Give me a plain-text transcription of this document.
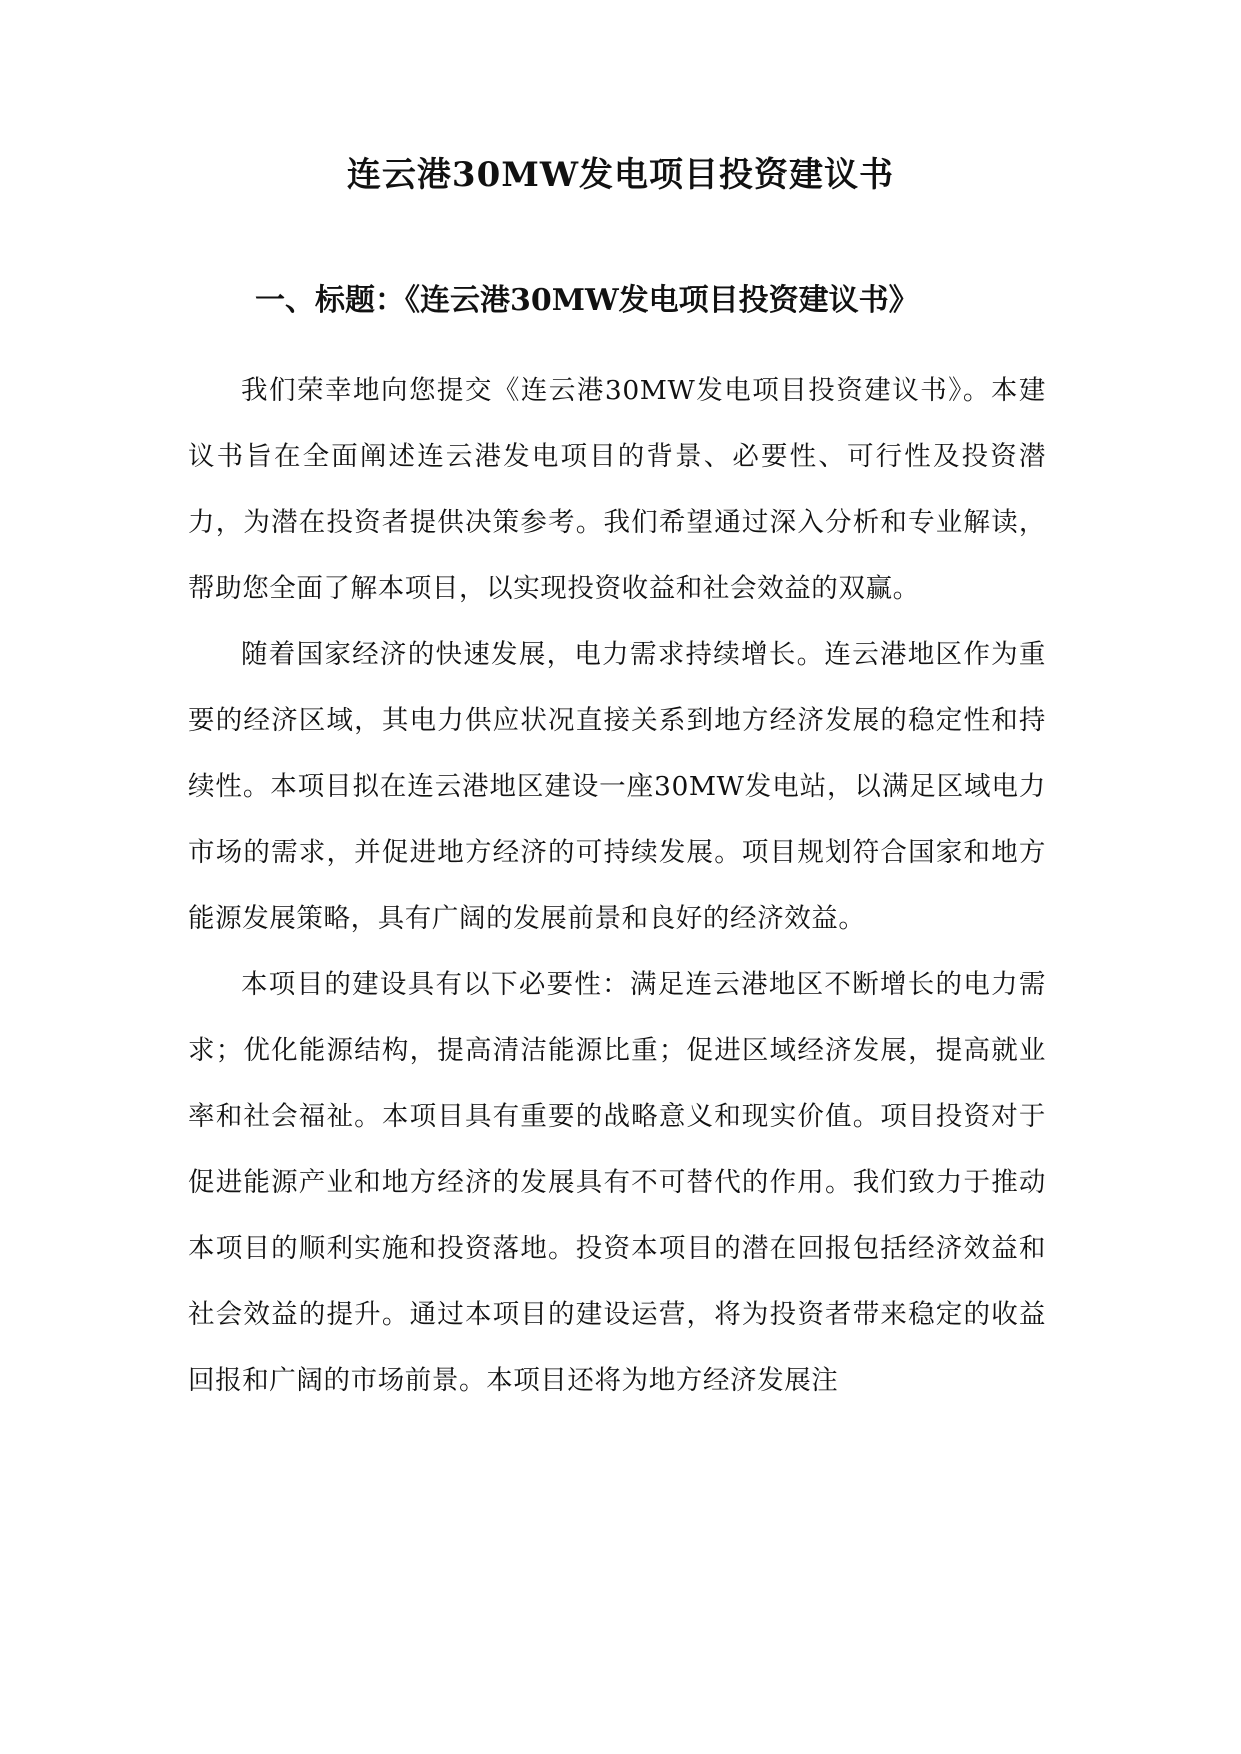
连云港30MW发电项目投资建议书
一、标题：《连云港30MW发电项目投资建议书》

我们荣幸地向您提交《连云港30MW发电项目投资建议书》。本建议书旨在全面阐述连云港发电项目的背景、必要性、可行性及投资潜力，为潜在投资者提供决策参考。我们希望通过深入分析和专业解读，帮助您全面了解本项目，以实现投资收益和社会效益的双赢。

随着国家经济的快速发展，电力需求持续增长。连云港地区作为重要的经济区域，其电力供应状况直接关系到地方经济发展的稳定性和持续性。本项目拟在连云港地区建设一座30MW发电站，以满足区域电力市场的需求，并促进地方经济的可持续发展。项目规划符合国家和地方能源发展策略，具有广阔的发展前景和良好的经济效益。

本项目的建设具有以下必要性：满足连云港地区不断增长的电力需求；优化能源结构，提高清洁能源比重；促进区域经济发展，提高就业率和社会福祉。本项目具有重要的战略意义和现实价值。项目投资对于促进能源产业和地方经济的发展具有不可替代的作用。我们致力于推动本项目的顺利实施和投资落地。投资本项目的潜在回报包括经济效益和社会效益的提升。通过本项目的建设运营，将为投资者带来稳定的收益回报和广阔的市场前景。本项目还将为地方经济发展注
